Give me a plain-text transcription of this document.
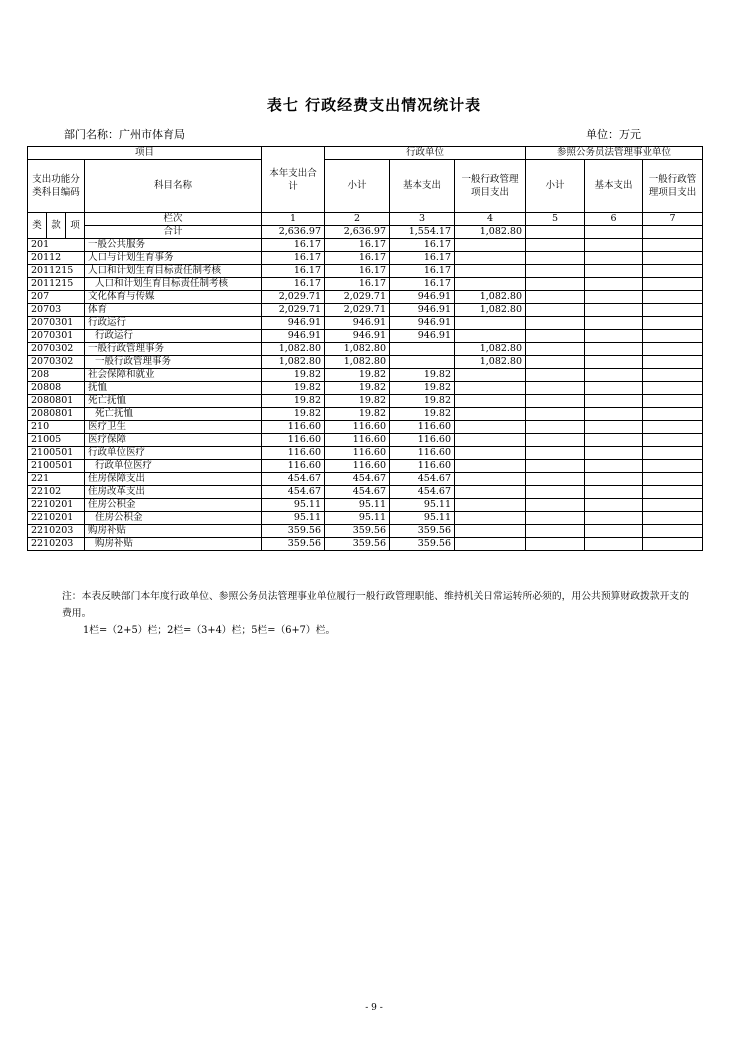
表七 行政经费支出情况统计表
部门名称：广州市体育局	单位：万元
项目				本年支出合计	行政单位			参照公务员法管理事业单位		
支出功能分类科目编码			科目名称		小计	基本支出	一般行政管理项目支出	小计	基本支出	一般行政管理项目支出
类	款	项	栏次	1	2	3	4	5	6	7
			合计	2,636.97	2,636.97	1,554.17	1,082.80			
201			一般公共服务	16.17	16.17	16.17				
20112			人口与计划生育事务	16.17	16.17	16.17				
2011215			人口和计划生育目标责任制考核	16.17	16.17	16.17				
2011215			人口和计划生育目标责任制考核	16.17	16.17	16.17				
207			文化体育与传媒	2,029.71	2,029.71	946.91	1,082.80			
20703			体育	2,029.71	2,029.71	946.91	1,082.80			
2070301			行政运行	946.91	946.91	946.91				
2070301			行政运行	946.91	946.91	946.91				
2070302			一般行政管理事务	1,082.80	1,082.80		1,082.80			
2070302			一般行政管理事务	1,082.80	1,082.80		1,082.80			
208			社会保障和就业	19.82	19.82	19.82				
20808			抚恤	19.82	19.82	19.82				
2080801			死亡抚恤	19.82	19.82	19.82				
2080801			死亡抚恤	19.82	19.82	19.82				
210			医疗卫生	116.60	116.60	116.60				
21005			医疗保障	116.60	116.60	116.60				
2100501			行政单位医疗	116.60	116.60	116.60				
2100501			行政单位医疗	116.60	116.60	116.60				
221			住房保障支出	454.67	454.67	454.67				
22102			住房改革支出	454.67	454.67	454.67				
2210201			住房公积金	95.11	95.11	95.11				
2210201			住房公积金	95.11	95.11	95.11				
2210203			购房补贴	359.56	359.56	359.56				
2210203			购房补贴	359.56	359.56	359.56				

注：本表反映部门本年度行政单位、参照公务员法管理事业单位履行一般行政管理职能、维持机关日常运转所必须的，用公共预算财政拨款开支的费用。

1栏=（2+5）栏；2栏=（3+4）栏；5栏=（6+7）栏。

- 9 -
